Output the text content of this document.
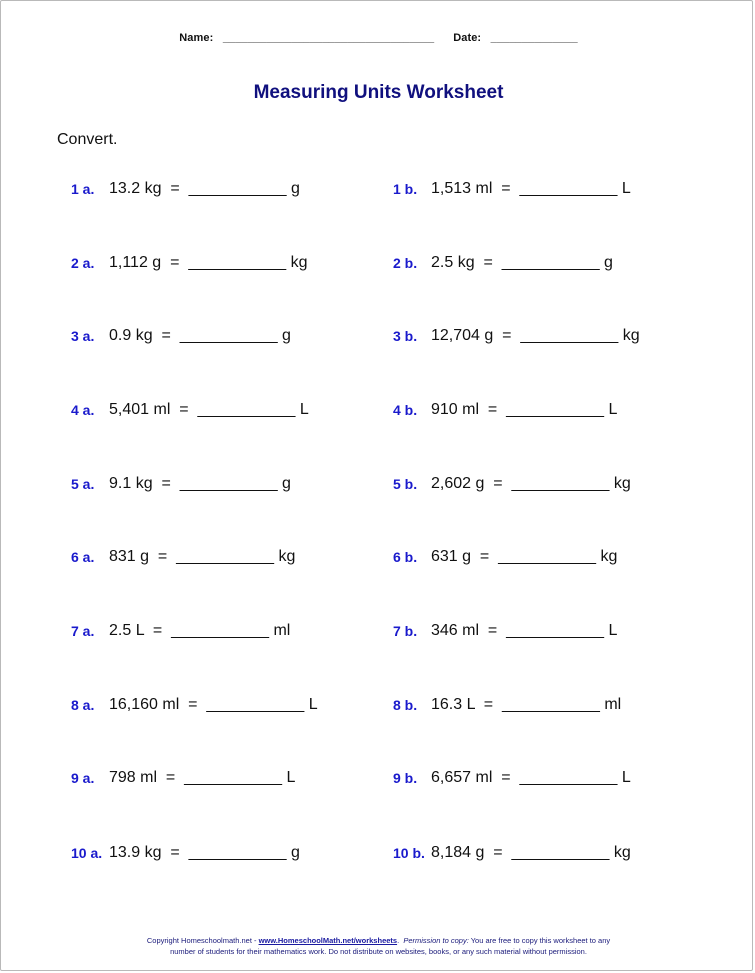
Name: __________________________________ Date: ______________
Measuring Units Worksheet
Convert.
1 a. 13.2 kg  =  ___________ g
2 a. 1,112 g  =  ___________ kg
3 a. 0.9 kg  =  ___________ g
4 a. 5,401 ml  =  ___________ L
5 a. 9.1 kg  =  ___________ g
6 a. 831 g  =  ___________ kg
7 a. 2.5 L  =  ___________ ml
8 a. 16,160 ml  =  ___________ L
9 a. 798 ml  =  ___________ L
10 a. 13.9 kg  =  ___________ g
1 b. 1,513 ml  =  ___________ L
2 b. 2.5 kg  =  ___________ g
3 b. 12,704 g  =  ___________ kg
4 b. 910 ml  =  ___________ L
5 b. 2,602 g  =  ___________ kg
6 b. 631 g  =  ___________ kg
7 b. 346 ml  =  ___________ L
8 b. 16.3 L  =  ___________ ml
9 b. 6,657 ml  =  ___________ L
10 b. 8,184 g  =  ___________ kg
Copyright Homeschoolmath.net - www.HomeschoolMath.net/worksheets.  Permission to copy: You are free to copy this worksheet to any
number of students for their mathematics work. Do not distribute on websites, books, or any such material without permission.
